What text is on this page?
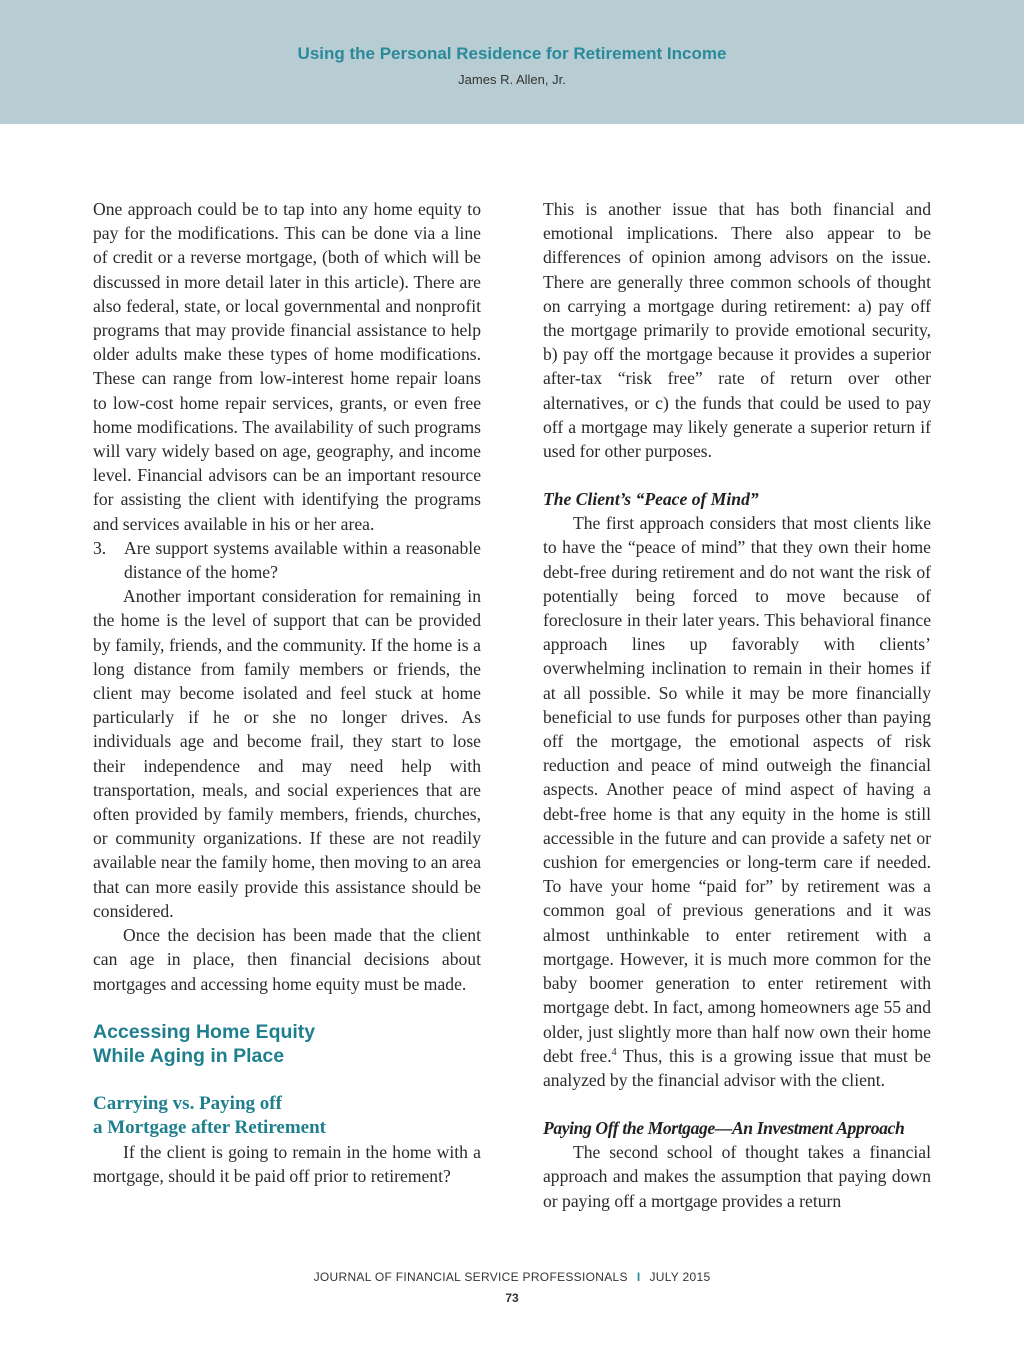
Using the Personal Residence for Retirement Income
James R. Allen, Jr.

One approach could be to tap into any home equity to pay for the modifications. This can be done via a line of credit or a reverse mortgage, (both of which will be discussed in more detail later in this article). There are also federal, state, or local governmental and nonprofit programs that may provide financial assistance to help older adults make these types of home modifications. These can range from low-interest home repair loans to low-cost home repair services, grants, or even free home modifications. The availability of such programs will vary widely based on age, geography, and income level. Financial advisors can be an important resource for assisting the client with identifying the programs and services available in his or her area.

3.	Are support systems available within a reasonable distance of the home?

Another important consideration for remaining in the home is the level of support that can be provided by family, friends, and the community. If the home is a long distance from family members or friends, the client may become isolated and feel stuck at home particularly if he or she no longer drives. As individuals age and become frail, they start to lose their independence and may need help with transportation, meals, and social experiences that are often provided by family members, friends, churches, or community organizations. If these are not readily available near the family home, then moving to an area that can more easily provide this assistance should be considered.

Once the decision has been made that the client can age in place, then financial decisions about mortgages and accessing home equity must be made.

Accessing Home Equity
While Aging in Place
Carrying vs. Paying off
a Mortgage after Retirement

If the client is going to remain in the home with a mortgage, should it be paid off prior to retirement?

This is another issue that has both financial and emotional implications. There also appear to be differences of opinion among advisors on the issue. There are generally three common schools of thought on carrying a mortgage during retirement: a) pay off the mortgage primarily to provide emotional security, b) pay off the mortgage because it provides a superior after-tax “risk free” rate of return over other alternatives, or c) the funds that could be used to pay off a mortgage may likely generate a superior return if used for other purposes.

The Client’s “Peace of Mind”

The first approach considers that most clients like to have the “peace of mind” that they own their home debt-free during retirement and do not want the risk of potentially being forced to move because of foreclosure in their later years. This behavioral finance approach lines up favorably with clients’ overwhelming inclination to remain in their homes if at all possible. So while it may be more financially beneficial to use funds for purposes other than paying off the mortgage, the emotional aspects of risk reduction and peace of mind outweigh the financial aspects. Another peace of mind aspect of having a debt-free home is that any equity in the home is still accessible in the future and can provide a safety net or cushion for emergencies or long-term care if needed. To have your home “paid for” by retirement was a common goal of previous generations and it was almost unthinkable to enter retirement with a mortgage. However, it is much more common for the baby boomer generation to enter retirement with mortgage debt. In fact, among homeowners age 55 and older, just slightly more than half now own their home debt free.$^4$ Thus, this is a growing issue that must be analyzed by the financial advisor with the client.

Paying Off the Mortgage—An Investment Approach

The second school of thought takes a financial approach and makes the assumption that paying down or paying off a mortgage provides a return

JOURNAL OF FINANCIAL SERVICE PROFESSIONALS I JULY 2015
73
